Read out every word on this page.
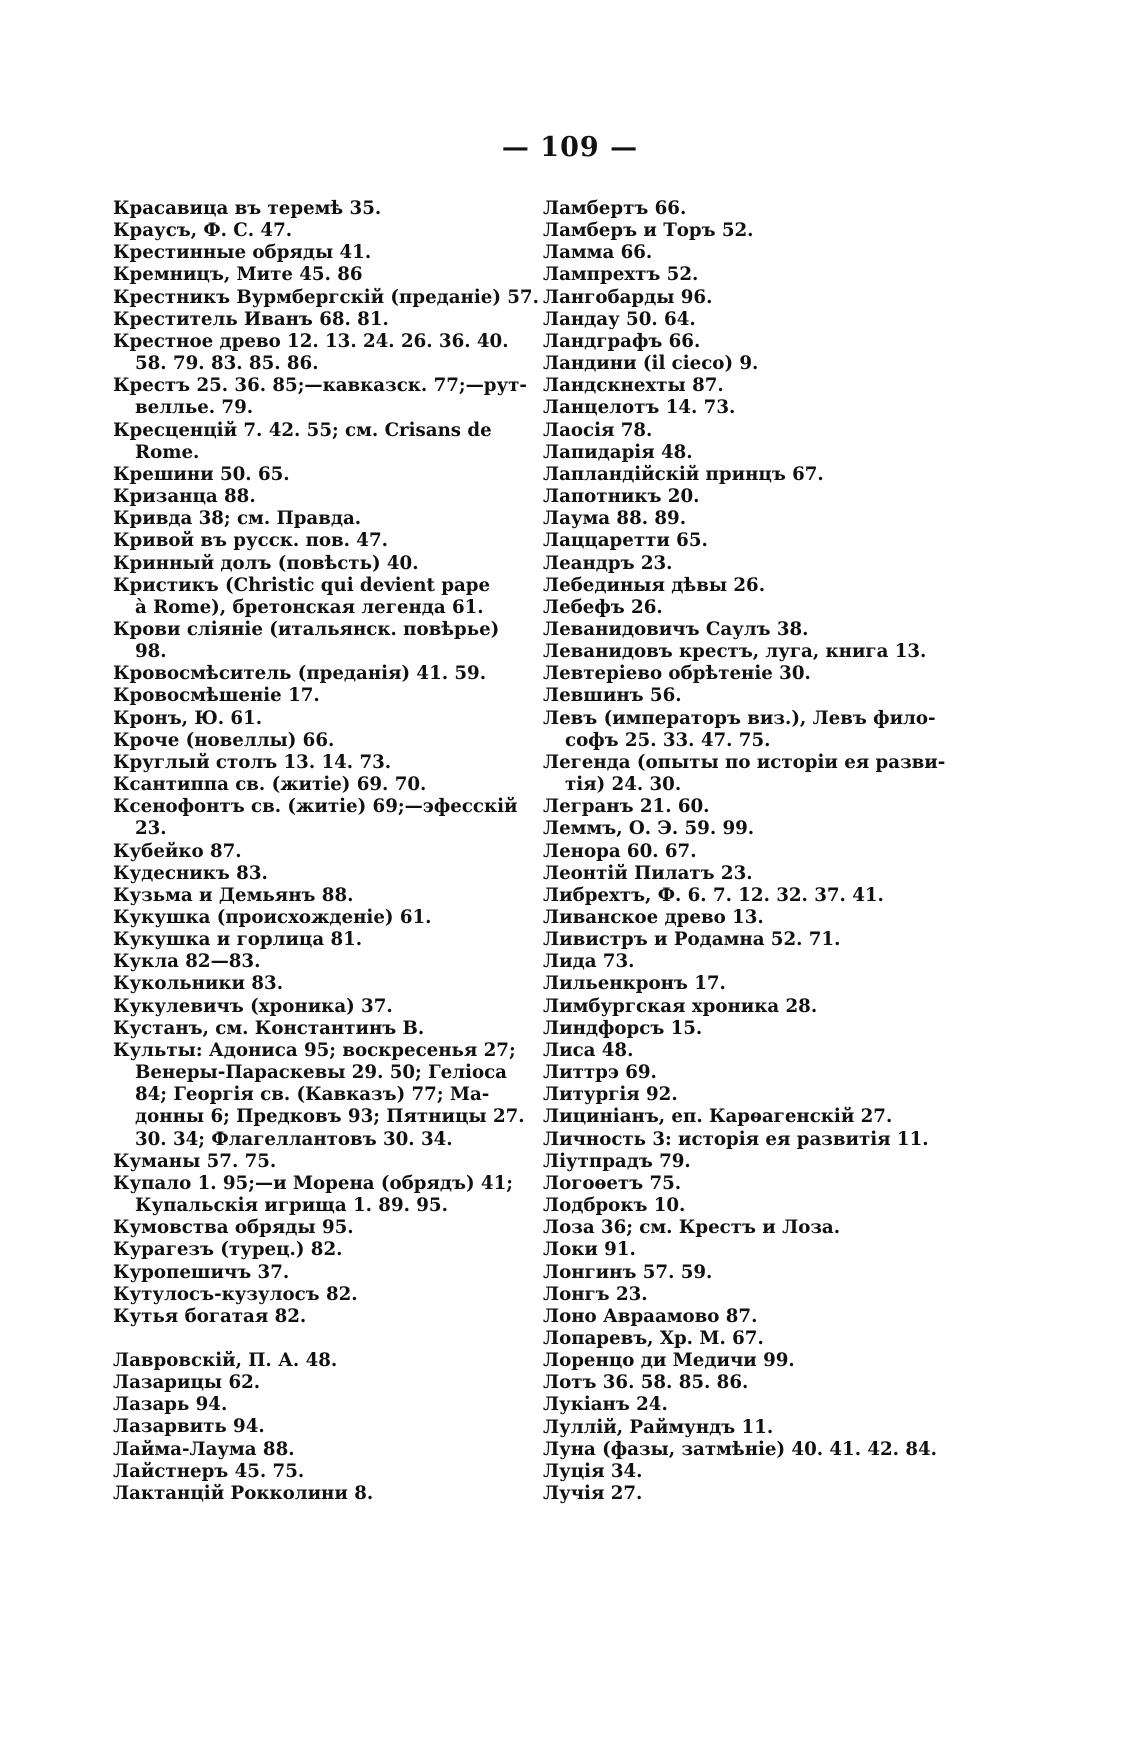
— 109 —
Красавица въ теремѣ 35.
Краусъ, Ф. С. 47.
Крестинные обряды 41.
Кремницъ, Мите 45. 86
Крестникъ Вурмбергскій (преданіе) 57.
Креститель Иванъ 68. 81.
Крестное древо 12. 13. 24. 26. 36. 40.
58. 79. 83. 85. 86.
Крестъ 25. 36. 85;—кавказск. 77;—рут-
веллье. 79.
Кресценцій 7. 42. 55; см. Crisans de
Rome.
Крешини 50. 65.
Кризанца 88.
Кривда 38; см. Правда.
Кривой въ русск. пов. 47.
Кринный долъ (повѣсть) 40.
Кристикъ (Christic qui devient pape
à Rome), бретонская легенда 61.
Крови сліяніе (итальянск. повѣрье)
98.
Кровосмѣситель (преданія) 41. 59.
Кровосмѣшеніе 17.
Кронъ, Ю. 61.
Кроче (новеллы) 66.
Круглый столъ 13. 14. 73.
Ксантиппа св. (житіе) 69. 70.
Ксенофонтъ св. (житіе) 69;—эфесскій
23.
Кубейко 87.
Кудесникъ 83.
Кузьма и Демьянъ 88.
Кукушка (происхожденіе) 61.
Кукушка и горлица 81.
Кукла 82—83.
Кукольники 83.
Кукулевичъ (хроника) 37.
Кустанъ, см. Константинъ В.
Культы: Адониса 95; воскресенья 27;
Венеры-Параскевы 29. 50; Геліоса
84; Георгія св. (Кавказъ) 77; Ма-
донны 6; Предковъ 93; Пятницы 27.
30. 34; Флагеллантовъ 30. 34.
Куманы 57. 75.
Купало 1. 95;—и Морена (обрядъ) 41;
Купальскія игрища 1. 89. 95.
Кумовства обряды 95.
Курагезъ (турец.) 82.
Куропешичъ 37.
Кутулосъ-кузулосъ 82.
Кутья богатая 82.
Лавровскій, П. А. 48.
Лазарицы 62.
Лазарь 94.
Лазарвить 94.
Лайма-Лаума 88.
Лайстнеръ 45. 75.
Лактанцій Рокколини 8.
Ламбертъ 66.
Ламберъ и Торъ 52.
Ламма 66.
Лампрехтъ 52.
Лангобарды 96.
Ландау 50. 64.
Ландграфъ 66.
Ландини (il cieco) 9.
Ландскнехты 87.
Ланцелотъ 14. 73.
Лаосія 78.
Лапидарія 48.
Лапландійскій принцъ 67.
Лапотникъ 20.
Лаума 88. 89.
Лаццаретти 65.
Леандръ 23.
Лебединыя дѣвы 26.
Лебефъ 26.
Леванидовичъ Саулъ 38.
Леванидовъ крестъ, луга, книга 13.
Левтеріево обрѣтеніе 30.
Левшинъ 56.
Левъ (императоръ виз.), Левъ фило-
софъ 25. 33. 47. 75.
Легенда (опыты по исторіи ея разви-
тія) 24. 30.
Легранъ 21. 60.
Леммъ, О. Э. 59. 99.
Ленора 60. 67.
Леонтій Пилатъ 23.
Либрехтъ, Ф. 6. 7. 12. 32. 37. 41.
Ливанское древо 13.
Ливистръ и Родамна 52. 71.
Лида 73.
Лильенкронъ 17.
Лимбургская хроника 28.
Линдфорсъ 15.
Лиса 48.
Литтрэ 69.
Литургія 92.
Лициніанъ, еп. Карѳагенскій 27.
Личность 3: исторія ея развитія 11.
Ліутпрадъ 79.
Логоѳетъ 75.
Лодброкъ 10.
Лоза 36; см. Крестъ и Лоза.
Локи 91.
Лонгинъ 57. 59.
Лонгъ 23.
Лоно Авраамово 87.
Лопаревъ, Хр. М. 67.
Лоренцо ди Медичи 99.
Лотъ 36. 58. 85. 86.
Лукіанъ 24.
Луллій, Раймундъ 11.
Луна (фазы, затмѣніе) 40. 41. 42. 84.
Луція 34.
Лучія 27.
